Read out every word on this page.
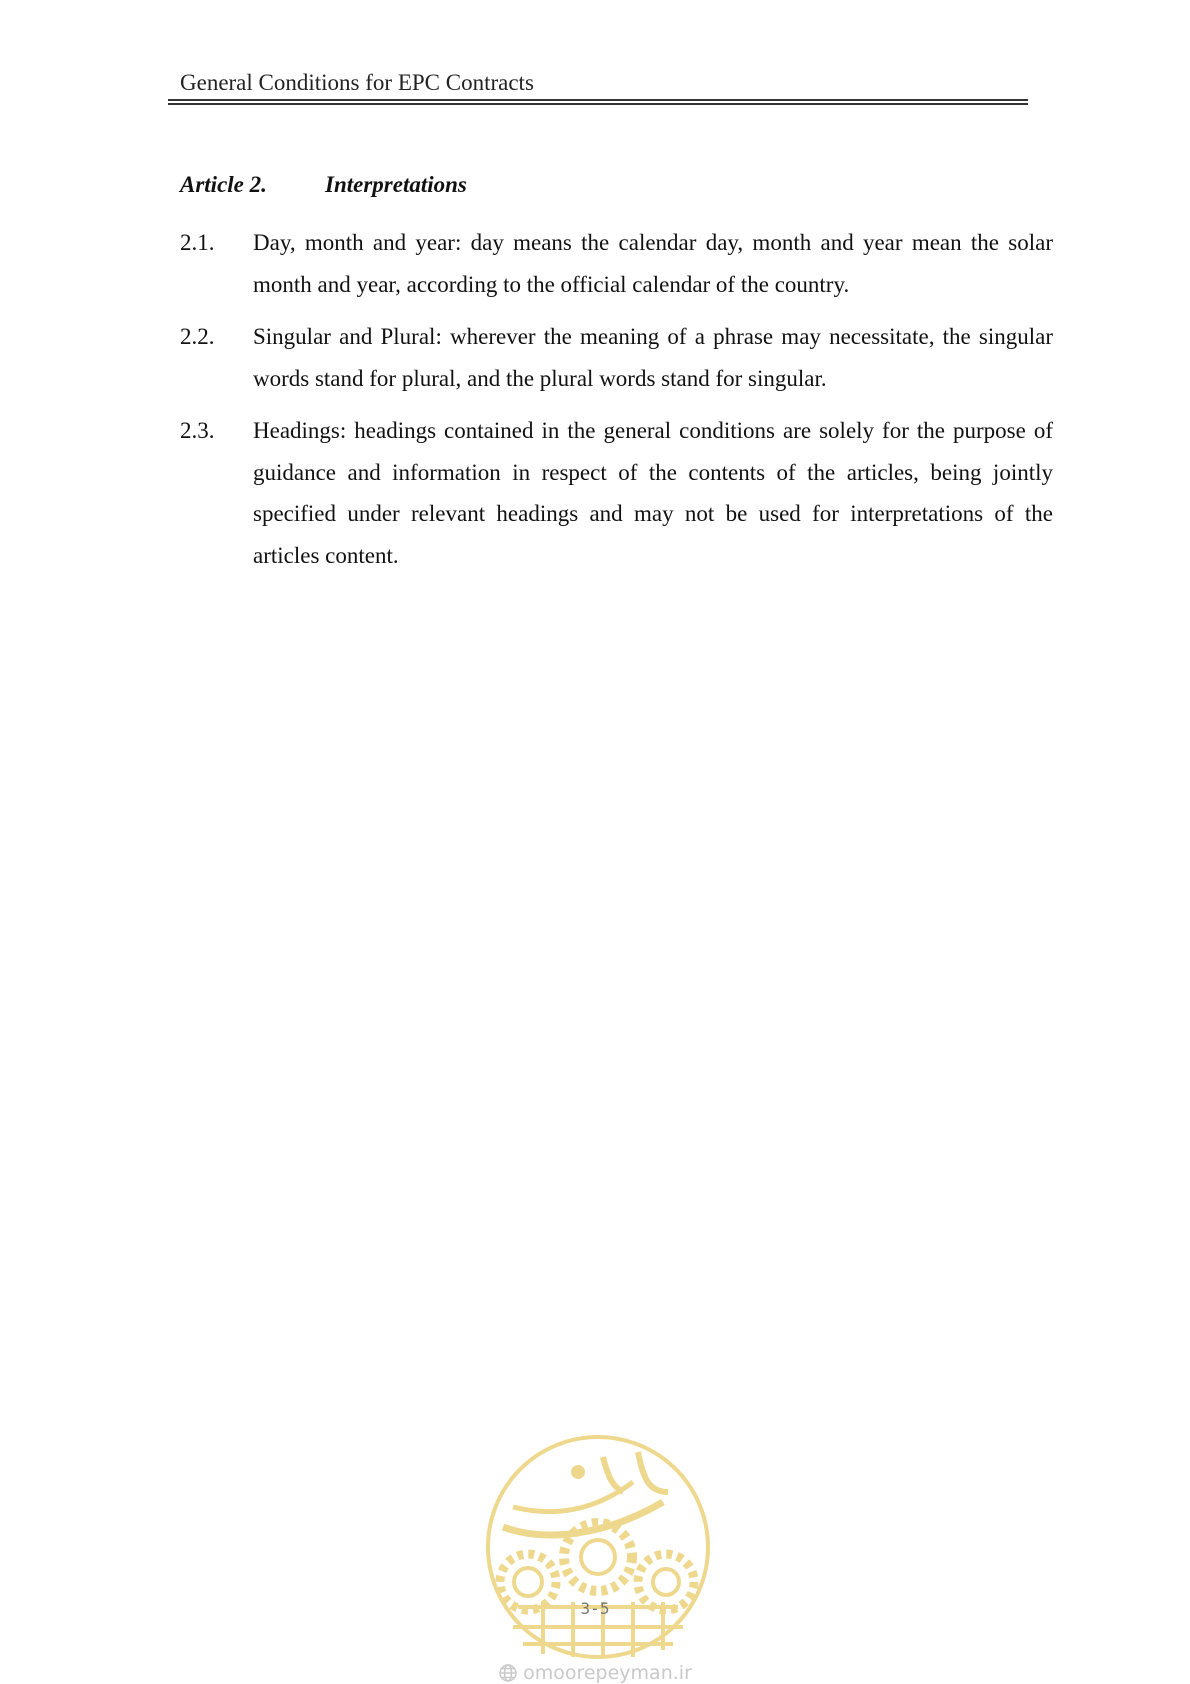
General Conditions for EPC Contracts
Article 2.	Interpretations
2.1.	Day, month and year: day means the calendar day, month and year mean the solar month and year, according to the official calendar of the country.
2.2.	Singular and Plural: wherever the meaning of a phrase may necessitate, the singular words stand for plural, and the plural words stand for singular.
2.3.	Headings: headings contained in the general conditions are solely for the purpose of guidance and information in respect of the contents of the articles, being jointly specified under relevant headings and may not be used for interpretations of the articles content.
3-5
omoorepeyman.ir
